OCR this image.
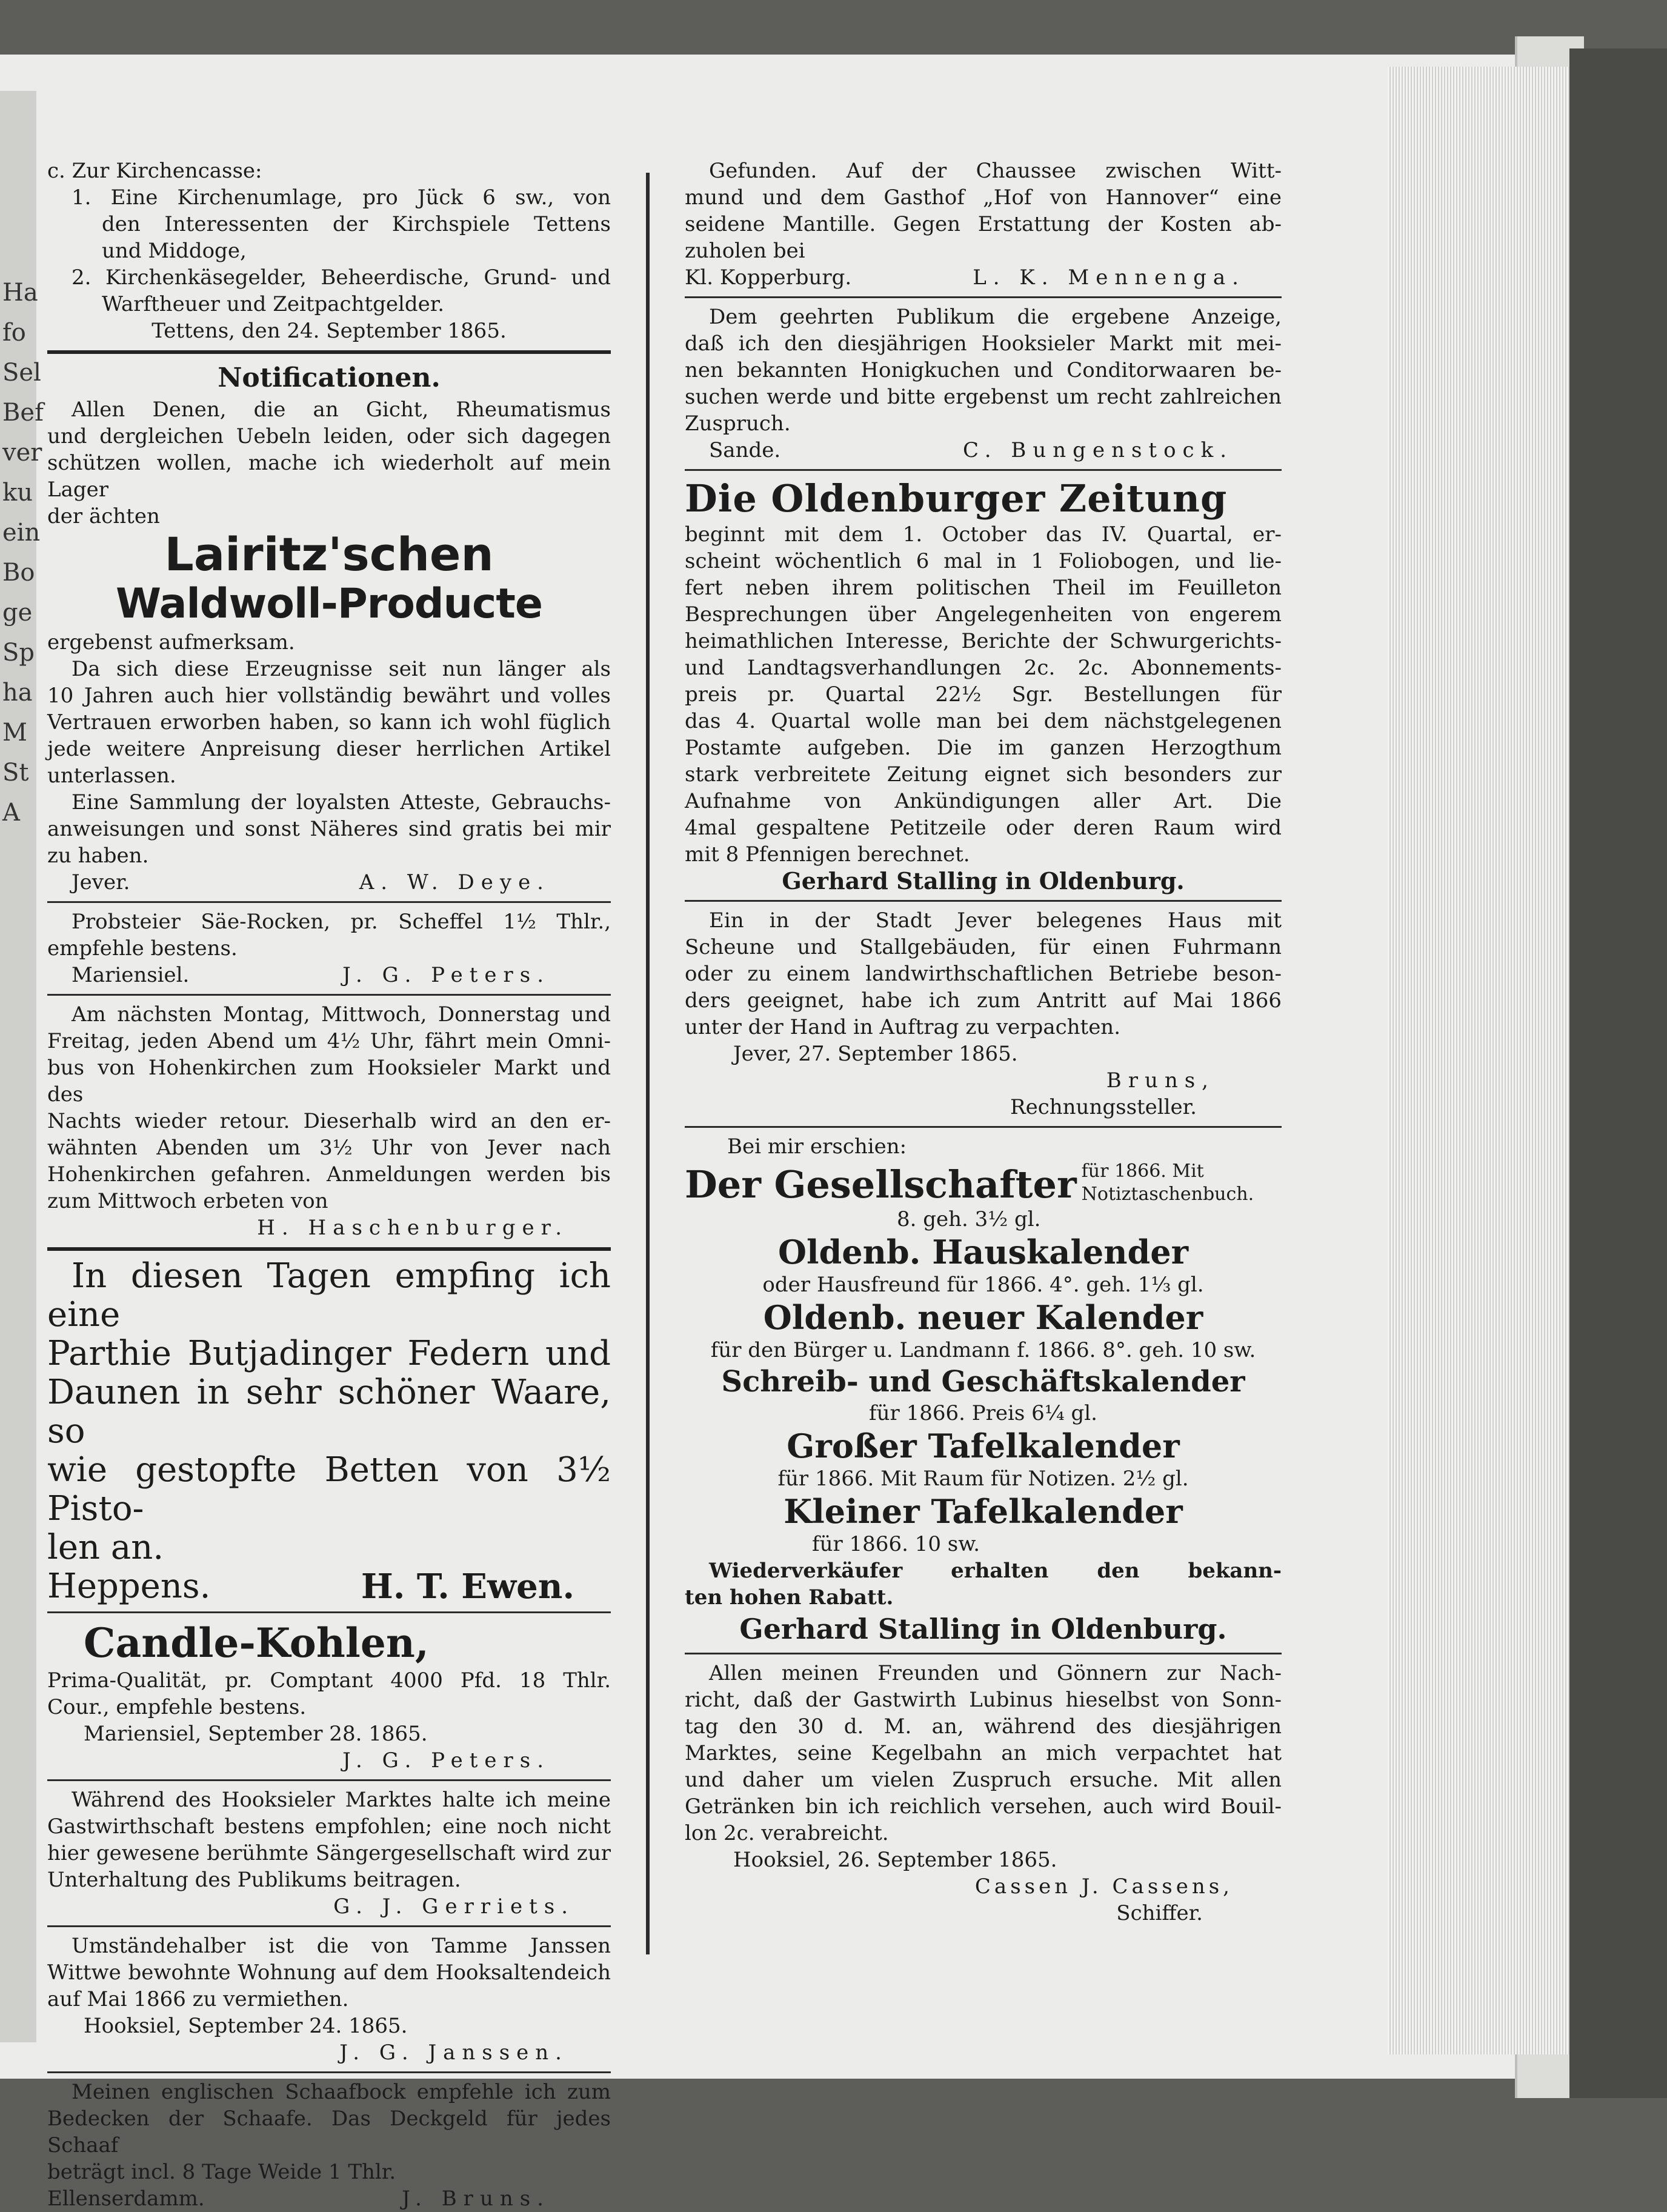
Ha
fo
Sel
Bef
ver
ku
ein
Bo
ge
Sp
ha
M
St
A

c. Zur Kirchencasse:

1. Eine Kirchenumlage, pro Jück 6 sw., von

den Interessenten der Kirchspiele Tettens

und Middoge,

2. Kirchenkäsegelder, Beheerdische, Grund- und

Warftheuer und Zeitpachtgelder.

Tettens, den 24. September 1865.

Notificationen.

Allen Denen, die an Gicht, Rheumatismus

und dergleichen Uebeln leiden, oder sich dagegen

schützen wollen, mache ich wiederholt auf mein Lager

der ächten

Lairitz'schen

Waldwoll-Producte

ergebenst aufmerksam.

Da sich diese Erzeugnisse seit nun länger als

10 Jahren auch hier vollständig bewährt und volles

Vertrauen erworben haben, so kann ich wohl füglich

jede weitere Anpreisung dieser herrlichen Artikel

unterlassen.

Eine Sammlung der loyalsten Atteste, Gebrauchs-

anweisungen und sonst Näheres sind gratis bei mir

zu haben.

Jever.	A. W. Deye.

Probsteier Säe-Rocken, pr. Scheffel 1½ Thlr.,

empfehle bestens.

Mariensiel.	J. G. Peters.

Am nächsten Montag, Mittwoch, Donnerstag und

Freitag, jeden Abend um 4½ Uhr, fährt mein Omni-

bus von Hohenkirchen zum Hooksieler Markt und des

Nachts wieder retour. Dieserhalb wird an den er-

wähnten Abenden um 3½ Uhr von Jever nach

Hohenkirchen gefahren. Anmeldungen werden bis

zum Mittwoch erbeten von

H. Haschenburger.

In diesen Tagen empfing ich eine

Parthie Butjadinger Federn und

Daunen in sehr schöner Waare, so

wie gestopfte Betten von 3½ Pisto-

len an.

Heppens.	H. T. Ewen.

Candle-Kohlen,

Prima-Qualität, pr. Comptant 4000 Pfd. 18 Thlr.

Cour., empfehle bestens.

Mariensiel, September 28. 1865.

J. G. Peters.

Während des Hooksieler Marktes halte ich meine

Gastwirthschaft bestens empfohlen; eine noch nicht

hier gewesene berühmte Sängergesellschaft wird zur

Unterhaltung des Publikums beitragen.

G. J. Gerriets.

Umständehalber ist die von Tamme Janssen

Wittwe bewohnte Wohnung auf dem Hooksaltendeich

auf Mai 1866 zu vermiethen.

Hooksiel, September 24. 1865.

J. G. Janssen.

Meinen englischen Schaafbock empfehle ich zum

Bedecken der Schaafe. Das Deckgeld für jedes Schaaf

beträgt incl. 8 Tage Weide 1 Thlr.

Ellenserdamm.	J. Bruns.

Gefunden. Auf der Chaussee zwischen Witt-

mund und dem Gasthof „Hof von Hannover“ eine

seidene Mantille. Gegen Erstattung der Kosten ab-

zuholen bei

Kl. Kopperburg.	L. K. Mennenga.

Dem geehrten Publikum die ergebene Anzeige,

daß ich den diesjährigen Hooksieler Markt mit mei-

nen bekannten Honigkuchen und Conditorwaaren be-

suchen werde und bitte ergebenst um recht zahlreichen

Zuspruch.

Sande.	C. Bungenstock.

Die Oldenburger Zeitung

beginnt mit dem 1. October das IV. Quartal, er-

scheint wöchentlich 6 mal in 1 Foliobogen, und lie-

fert neben ihrem politischen Theil im Feuilleton

Besprechungen über Angelegenheiten von engerem

heimathlichen Interesse, Berichte der Schwurgerichts-

und Landtagsverhandlungen 2c. 2c. Abonnements-

preis pr. Quartal 22½ Sgr. Bestellungen für

das 4. Quartal wolle man bei dem nächstgelegenen

Postamte aufgeben. Die im ganzen Herzogthum

stark verbreitete Zeitung eignet sich besonders zur

Aufnahme von Ankündigungen aller Art. Die

4mal gespaltene Petitzeile oder deren Raum wird

mit 8 Pfennigen berechnet.

Gerhard Stalling in Oldenburg.

Ein in der Stadt Jever belegenes Haus mit

Scheune und Stallgebäuden, für einen Fuhrmann

oder zu einem landwirthschaftlichen Betriebe beson-

ders geeignet, habe ich zum Antritt auf Mai 1866

unter der Hand in Auftrag zu verpachten.

Jever, 27. September 1865.

Bruns,

Rechnungssteller.

Bei mir erschien:

Der Gesellschafter für 1866. Mit
Notiztaschenbuch.

8. geh. 3½ gl.

Oldenb. Hauskalender

oder Hausfreund für 1866. 4°. geh. 1⅓ gl.

Oldenb. neuer Kalender

für den Bürger u. Landmann f. 1866. 8°. geh. 10 sw.

Schreib- und Geschäftskalender

für 1866. Preis 6¼ gl.

Großer Tafelkalender

für 1866. Mit Raum für Notizen. 2½ gl.

Kleiner Tafelkalender

für 1866. 10 sw.

Wiederverkäufer erhalten den bekann-

ten hohen Rabatt.

Gerhard Stalling in Oldenburg.

Allen meinen Freunden und Gönnern zur Nach-

richt, daß der Gastwirth Lubinus hieselbst von Sonn-

tag den 30 d. M. an, während des diesjährigen

Marktes, seine Kegelbahn an mich verpachtet hat

und daher um vielen Zuspruch ersuche. Mit allen

Getränken bin ich reichlich versehen, auch wird Bouil-

lon 2c. verabreicht.

Hooksiel, 26. September 1865.

Cassen J. Cassens,

Schiffer.
